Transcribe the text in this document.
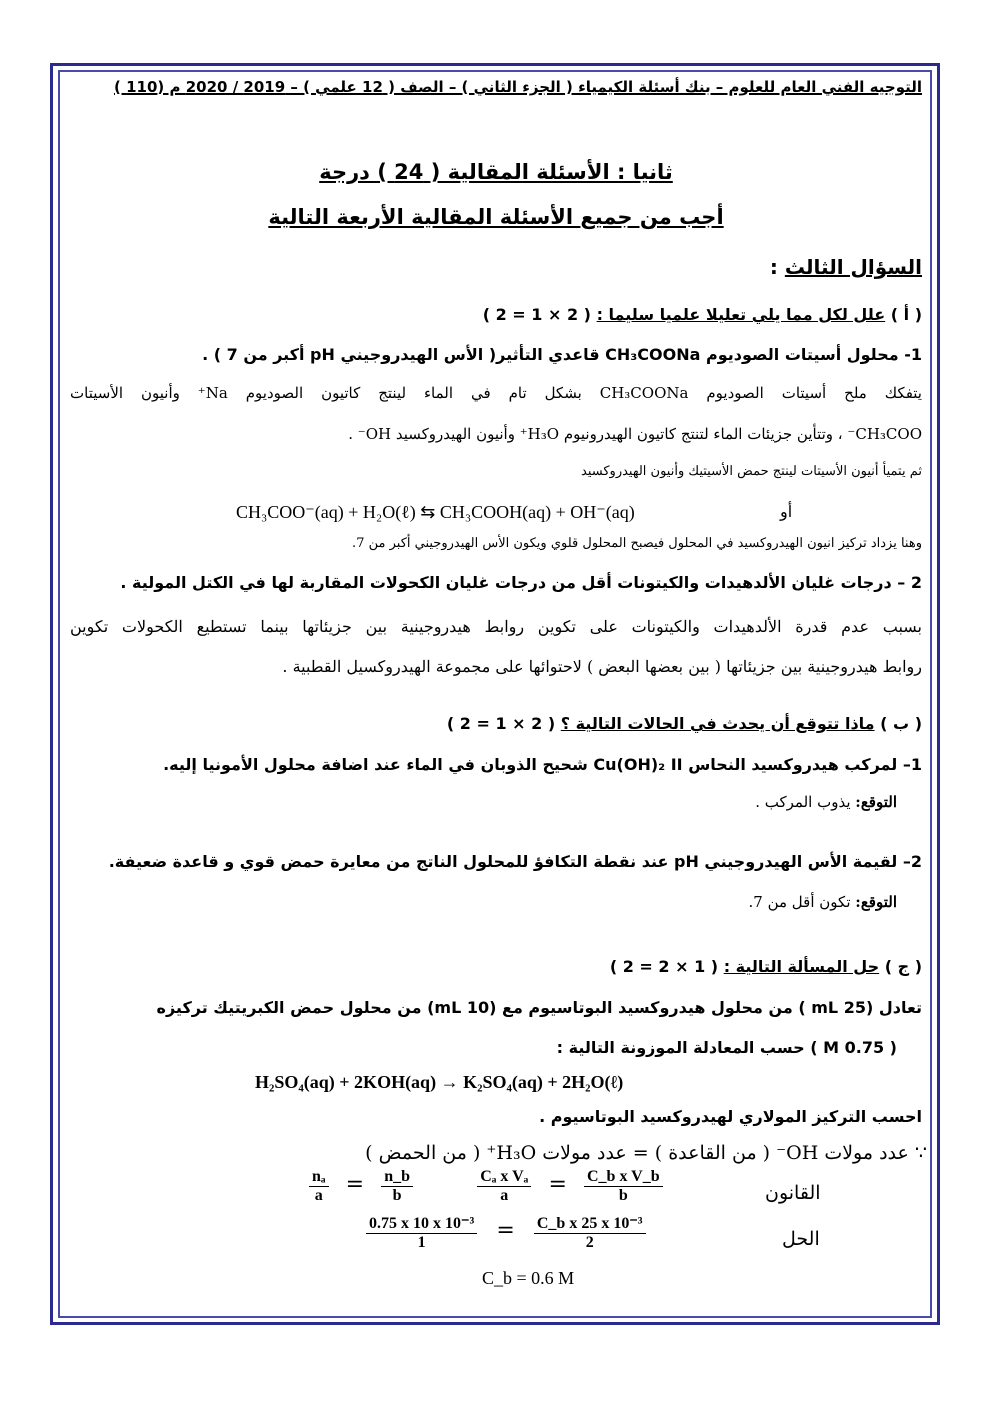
التوجيه الفني العام للعلوم – بنك أسئلة الكيمياء ( الجزء الثاني ) – الصف ( 12 علمي ) – 2019 / 2020 م (110 )
ثانيا : الأسئلة المقالية ( 24 ) درجة
أجب من جميع الأسئلة المقالية الأربعة التالية
السؤال الثالث :
( أ ) علل لكل مما يلي تعليلا علميا سليما : ( 2 × 1 = 2 )
1- محلول أسيتات الصوديوم CH₃COONa قاعدي التأثير( الأس الهيدروجيني pH أكبر من 7 ) .
يتفكك ملح أسيتات الصوديوم CH₃COONa بشكل تام في الماء لينتج كاتيون الصوديوم Na⁺ وأنيون الأسيتات
CH₃COO⁻ ، وتتأين جزيئات الماء لتنتج كاتيون الهيدرونيوم H₃O⁺ وأنيون الهيدروكسيد OH⁻ .
ثم يتميأ أنيون الأسيتات لينتج حمض الأسيتيك وأنيون الهيدروكسيد
أو
CH₃COO⁻(aq) + H₂O(ℓ) ⇆ CH₃COOH(aq) + OH⁻(aq)
وهنا يزداد تركيز انيون الهيدروكسيد في المحلول فيصبح المحلول قلوي ويكون الأس الهيدروجيني أكبر من 7.
2 – درجات غليان الألدهيدات والكيتونات أقل من درجات غليان الكحولات المقاربة لها في الكتل المولية .
بسبب عدم قدرة الألدهيدات والكيتونات على تكوين روابط هيدروجينية بين جزيئاتها بينما تستطيع الكحولات تكوين
روابط هيدروجينية بين جزيئاتها ( بين بعضها البعض ) لاحتوائها على مجموعة الهيدروكسيل القطبية .
( ب ) ماذا تتوقع أن يحدث في الحالات التالية ؟ ( 2 × 1 = 2 )
1– لمركب هيدروكسيد النحاس Cu(OH)₂ II شحيح الذوبان في الماء عند اضافة محلول الأمونيا إليه.
التوقع: يذوب المركب .
2– لقيمة الأس الهيدروجيني pH عند نقطة التكافؤ للمحلول الناتج من معايرة حمض قوي و قاعدة ضعيفة.
التوقع: تكون أقل من 7.
( ج ) حل المسألة التالية : ( 1 × 2 = 2 )
تعادل (25 mL ) من محلول هيدروكسيد البوتاسيوم مع (10 mL) من محلول حمض الكبريتيك تركيزه
( 0.75 M ) حسب المعادلة الموزونة التالية :
H₂SO₄(aq) + 2KOH(aq) → K₂SO₄(aq) + 2H₂O(ℓ)
احسب التركيز المولاري لهيدروكسيد البوتاسيوم .
∵ عدد مولات OH⁻ ( من القاعدة ) = عدد مولات H₃O⁺ ( من الحمض )
القانون
$\frac{\text{nₐ}}{a} = \frac{n\_b}{b}$
	$\frac{\text{Cₐ x Vₐ}}{a} = \frac{\text{C\_b x V\_b}}{b}$
الحل
$\frac{\text{0.75 x 10 x 10⁻³}}{1} = \frac{\text{C\_b x 25 x 10⁻³}}{2}$
C_b = 0.6 M
